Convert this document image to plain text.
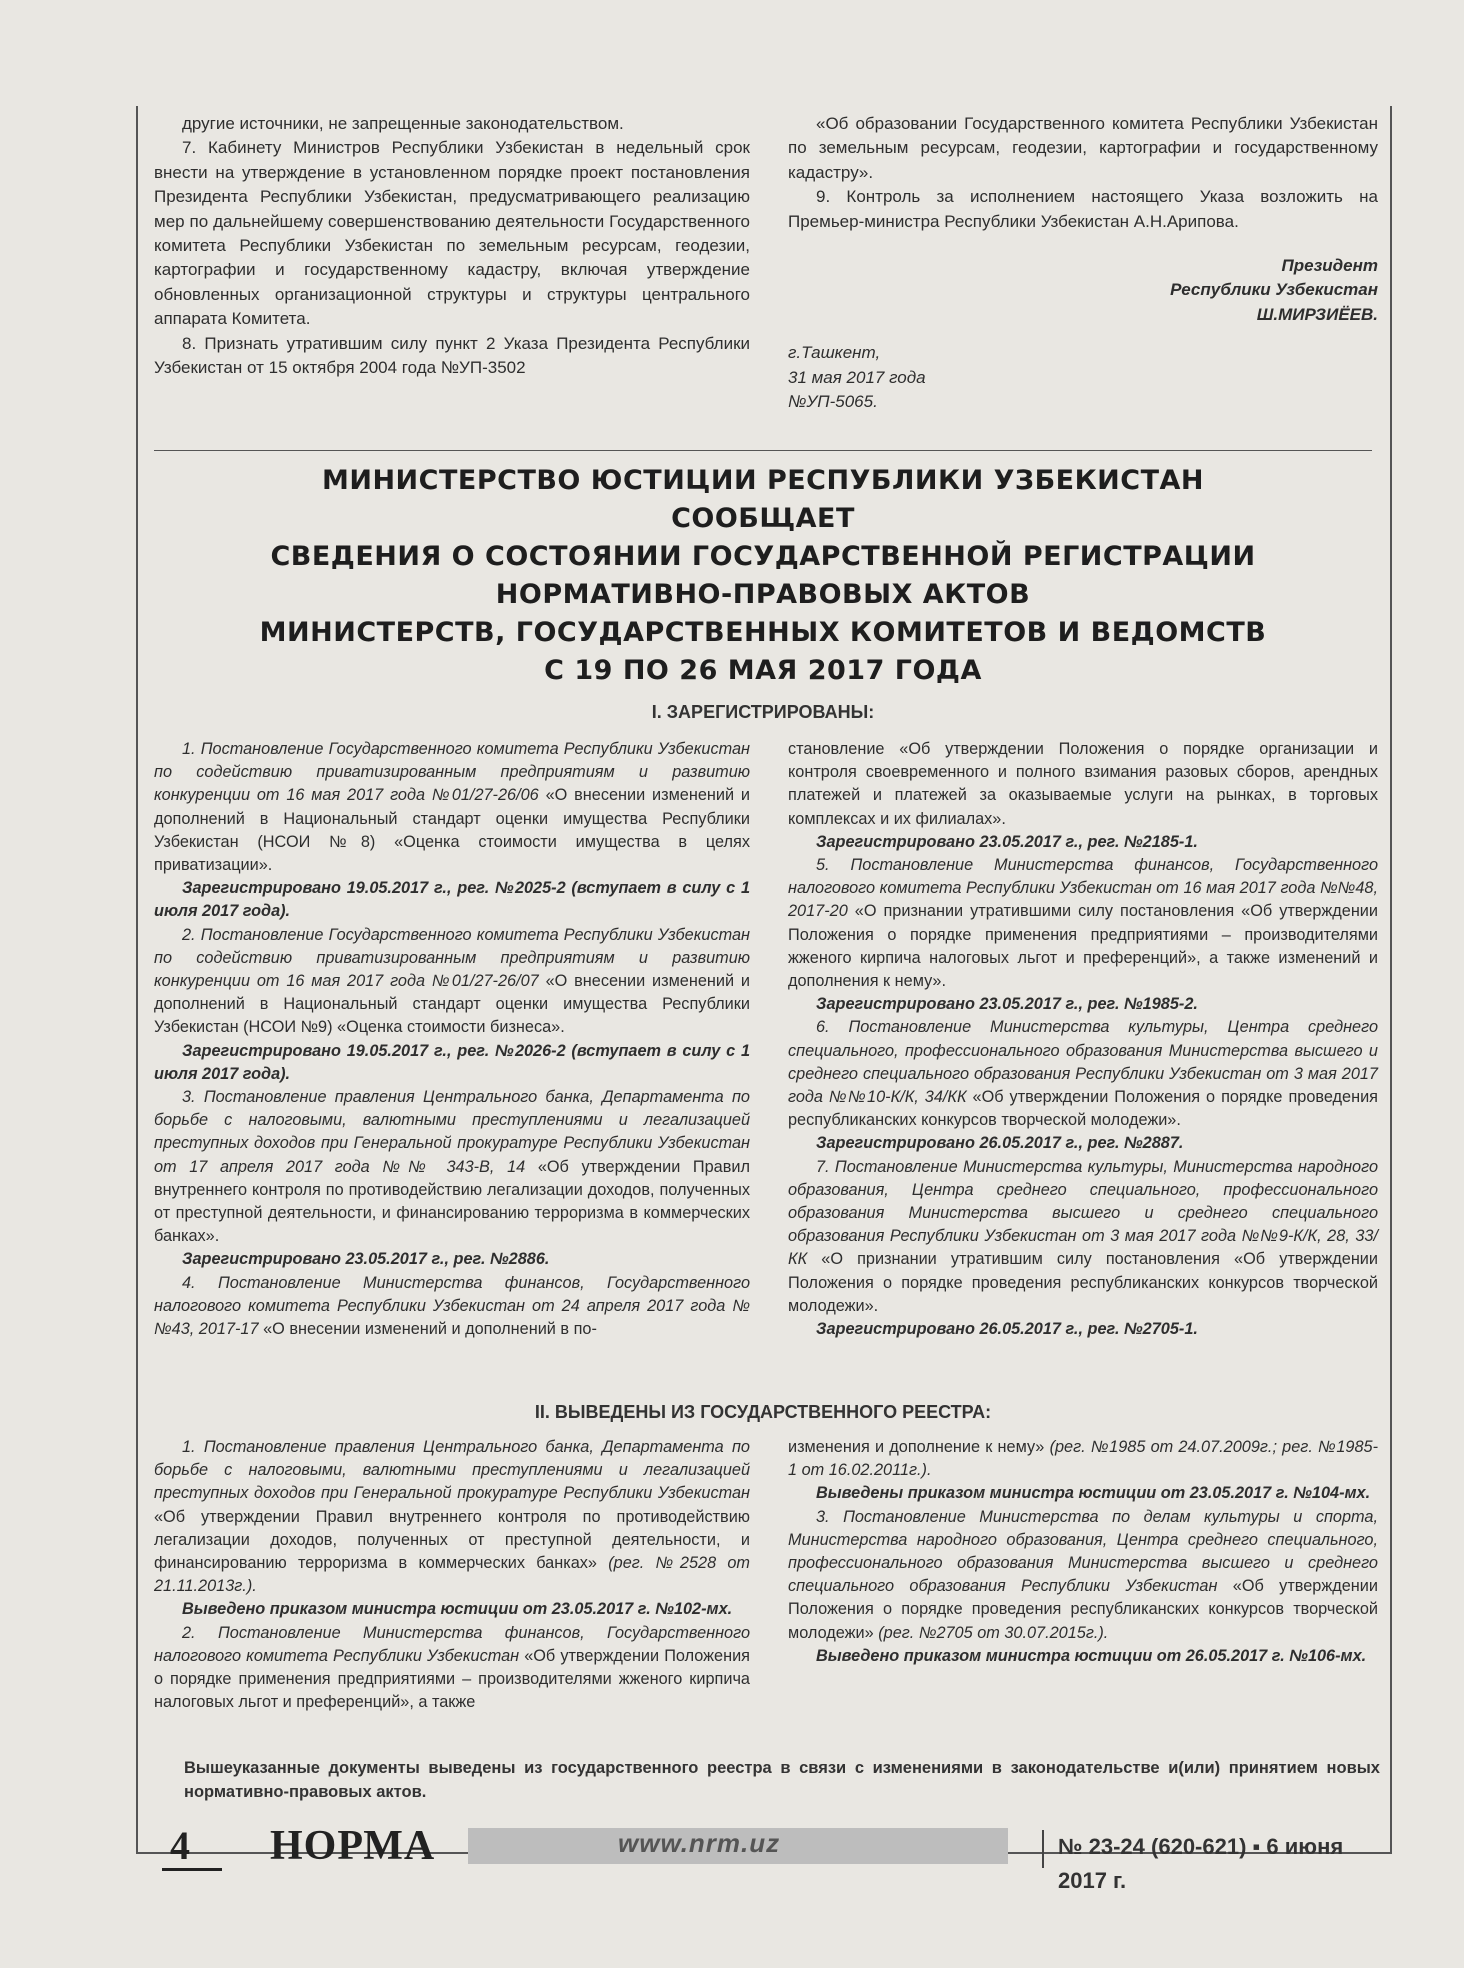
другие источники, не запрещенные законодательством.

7. Кабинету Министров Республики Узбекистан в недельный срок внести на утверждение в установленном порядке проект постановления Президента Республики Узбекистан, предусматривающего реализацию мер по дальнейшему совершенствованию деятельности Государственного комитета Республики Узбекистан по земельным ресурсам, геодезии, картографии и государственному кадастру, включая утверждение обновленных организационной структуры и структуры центрального аппарата Комитета.

8. Признать утратившим силу пункт 2 Указа Президента Республики Узбекистан от 15 октября 2004 года №УП-3502

«Об образовании Государственного комитета Республики Узбекистан по земельным ресурсам, геодезии, картографии и государственному кадастру».

9. Контроль за исполнением настоящего Указа возложить на Премьер-министра Республики Узбекистан А.Н.Арипова.

Президент
Республики Узбекистан
Ш.МИРЗИЁЕВ.
г.Ташкент,
31 мая 2017 года
№УП-5065.
МИНИСТЕРСТВО ЮСТИЦИИ РЕСПУБЛИКИ УЗБЕКИСТАН
СООБЩАЕТ
СВЕДЕНИЯ О СОСТОЯНИИ ГОСУДАРСТВЕННОЙ РЕГИСТРАЦИИ
НОРМАТИВНО-ПРАВОВЫХ АКТОВ
МИНИСТЕРСТВ, ГОСУДАРСТВЕННЫХ КОМИТЕТОВ И ВЕДОМСТВ
С 19 ПО 26 МАЯ 2017 ГОДА
I. ЗАРЕГИСТРИРОВАНЫ:

1. Постановление Государственного комитета Республики Узбекистан по содействию приватизированным предприятиям и развитию конкуренции от 16 мая 2017 года №01/27-26/06 «О внесении изменений и дополнений в Национальный стандарт оценки имущества Республики Узбекистан (НСОИ №8) «Оценка стоимости имущества в целях приватизации».

Зарегистрировано 19.05.2017 г., рег. №2025-2 (вступает в силу с 1 июля 2017 года).

2. Постановление Государственного комитета Республики Узбекистан по содействию приватизированным предприятиям и развитию конкуренции от 16 мая 2017 года №01/27-26/07 «О внесении изменений и дополнений в Национальный стандарт оценки имущества Республики Узбекистан (НСОИ №9) «Оценка стоимости бизнеса».

Зарегистрировано 19.05.2017 г., рег. №2026-2 (вступает в силу с 1 июля 2017 года).

3. Постановление правления Центрального банка, Департамента по борьбе с налоговыми, валютными преступлениями и легализацией преступных доходов при Генеральной прокуратуре Республики Узбекистан от 17 апреля 2017 года №№ 343-В, 14 «Об утверждении Правил внутреннего контроля по противодействию легализации доходов, полученных от преступной деятельности, и финансированию терроризма в коммерческих банках».

Зарегистрировано 23.05.2017 г., рег. №2886.

4. Постановление Министерства финансов, Государственного налогового комитета Республики Узбекистан от 24 апреля 2017 года №№43, 2017-17 «О внесении изменений и дополнений в по-

становление «Об утверждении Положения о порядке организации и контроля своевременного и полного взимания разовых сборов, арендных платежей и платежей за оказываемые услуги на рынках, в торговых комплексах и их филиалах».

Зарегистрировано 23.05.2017 г., рег. №2185-1.

5. Постановление Министерства финансов, Государственного налогового комитета Республики Узбекистан от 16 мая 2017 года №№48, 2017-20 «О признании утратившими силу постановления «Об утверждении Положения о порядке применения предприятиями – производителями жженого кирпича налоговых льгот и преференций», а также изменений и дополнения к нему».

Зарегистрировано 23.05.2017 г., рег. №1985-2.

6. Постановление Министерства культуры, Центра среднего специального, профессионального образования Министерства высшего и среднего специального образования Республики Узбекистан от 3 мая 2017 года №№10-К/К, 34/КК «Об утверждении Положения о порядке проведения республиканских конкурсов творческой молодежи».

Зарегистрировано 26.05.2017 г., рег. №2887.

7. Постановление Министерства культуры, Министерства народного образования, Центра среднего специального, профессионального образования Министерства высшего и среднего специального образования Республики Узбекистан от 3 мая 2017 года №№9-К/К, 28, 33/КК «О признании утратившим силу постановления «Об утверждении Положения о порядке проведения республиканских конкурсов творческой молодежи».

Зарегистрировано 26.05.2017 г., рег. №2705-1.

II. ВЫВЕДЕНЫ ИЗ ГОСУДАРСТВЕННОГО РЕЕСТРА:

1. Постановление правления Центрального банка, Департамента по борьбе с налоговыми, валютными преступлениями и легализацией преступных доходов при Генеральной прокуратуре Республики Узбекистан «Об утверждении Правил внутреннего контроля по противодействию легализации доходов, полученных от преступной деятельности, и финансированию терроризма в коммерческих банках» (рег. №2528 от 21.11.2013г.).

Выведено приказом министра юстиции от 23.05.2017 г. №102-мх.

2. Постановление Министерства финансов, Государственного налогового комитета Республики Узбекистан «Об утверждении Положения о порядке применения предприятиями – производителями жженого кирпича налоговых льгот и преференций», а также

изменения и дополнение к нему» (рег. №1985 от 24.07.2009г.; рег. №1985-1 от 16.02.2011г.).

Выведены приказом министра юстиции от 23.05.2017 г. №104-мх.

3. Постановление Министерства по делам культуры и спорта, Министерства народного образования, Центра среднего специального, профессионального образования Министерства высшего и среднего специального образования Республики Узбекистан «Об утверждении Положения о порядке проведения республиканских конкурсов творческой молодежи» (рег. №2705 от 30.07.2015г.).

Выведено приказом министра юстиции от 26.05.2017 г. №106-мх.

Вышеуказанные документы выведены из государственного реестра в связи с изменениями в законодательстве и(или) принятием новых нормативно-правовых актов.
4 НОРМА	www.nrm.uz	№ 23-24 (620-621) ▪ 6 июня 2017 г.
